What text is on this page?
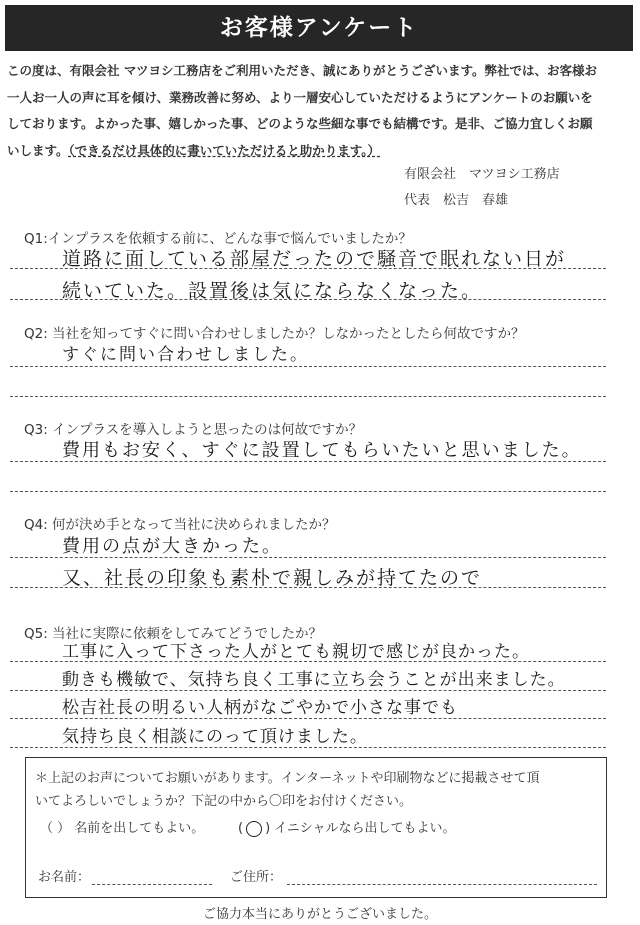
お客様アンケート
この度は、有限会社 マツヨシ工務店をご利用いただき、誠にありがとうございます。弊社では、お客様お
一人お一人の声に耳を傾け、業務改善に努め、より一層安心していただけるようにアンケートのお願いを
しております。よかった事、嬉しかった事、どのような些細な事でも結構です。是非、ご協力宜しくお願
いします。（できるだけ具体的に書いていただけると助かります。）
有限会社　マツヨシ工務店
代表　松吉　春雄
Q1:インプラスを依頼する前に、どんな事で悩んでいましたか？
道路に面している部屋だったので騒音で眠れない日が
続いていた。設置後は気にならなくなった。
Q2: 当社を知ってすぐに問い合わせしましたか？しなかったとしたら何故ですか？
すぐに問い合わせしました。
Q3: インプラスを導入しようと思ったのは何故ですか？
費用もお安く、すぐに設置してもらいたいと思いました。
Q4: 何が決め手となって当社に決められましたか？
費用の点が大きかった。
又、社長の印象も素朴で親しみが持てたので
Q5: 当社に実際に依頼をしてみてどうでしたか？
工事に入って下さった人がとても親切で感じが良かった。
動きも機敏で、気持ち良く工事に立ち会うことが出来ました。
松吉社長の明るい人柄がなごやかで小さな事でも
気持ち良く相談にのって頂けました。
＊上記のお声についてお願いがあります。インターネットや印刷物などに掲載させて頂
いてよろしいでしょうか？下記の中から〇印をお付けください。
（ ） 名前を出してもよい。	( ○ ) イニシャルなら出してもよい。
お名前：	ご住所：
ご協力本当にありがとうございました。
